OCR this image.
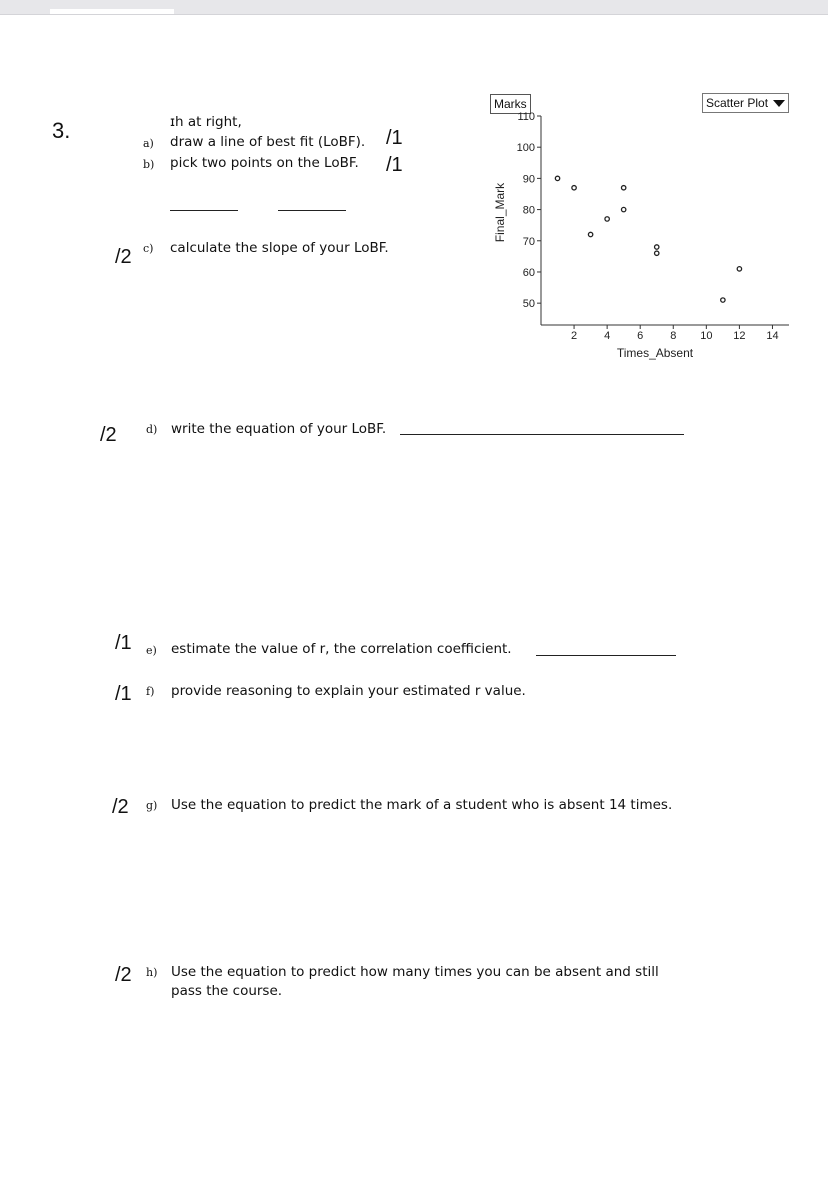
3.	ɪh at right,
a) draw a line of best fit (LoBF). /1
b) pick two points on the LoBF. /1
/2 c) calculate the slope of your LoBF.
/2	d) write the equation of your LoBF.
/1 e) estimate the value of r, the correlation coefficient.
/1 f) provide reasoning to explain your estimated r value.
/2 g) Use the equation to predict the mark of a student who is absent 14 times.
/2 h) Use the equation to predict how many times you can be absent and still
pass the course.
Marks	Scatter Plot
2 4 6 8 10 12 14
50
60
70
80
90
100
110
Times_Absent
Final_Mark
